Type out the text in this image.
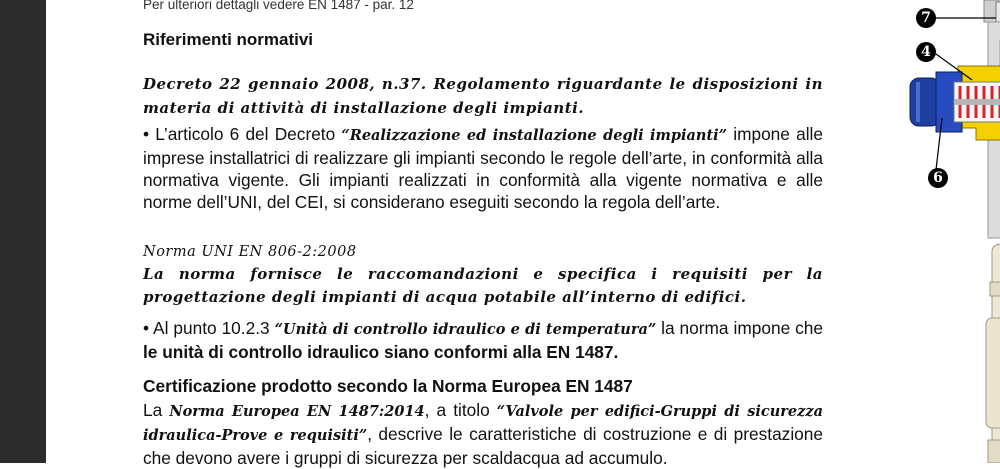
Per ulteriori dettagli vedere EN 1487 - par. 12
Riferimenti normativi
Decreto 22 gennaio 2008, n.37. Regolamento riguardante le disposizioni in materia di attività di installazione degli impianti.
• L’articolo 6 del Decreto “Realizzazione ed installazione degli impianti” impone alle imprese installatrici di realizzare gli impianti secondo le regole dell’arte, in conformità alla normativa vigente. Gli impianti realizzati in conformità alla vigente normativa e alle norme dell’UNI, del CEI, si considerano eseguiti secondo la regola dell’arte.
Norma UNI EN 806-2:2008
La norma fornisce le raccomandazioni e specifica i requisiti per la progettazione degli impianti di acqua potabile all’interno di edifici.
• Al punto 10.2.3 “Unità di controllo idraulico e di temperatura” la norma impone che le unità di controllo idraulico siano conformi alla EN 1487.
Certificazione prodotto secondo la Norma Europea EN 1487
La Norma Europea EN 1487:2014, a titolo “Valvole per edifici-Gruppi di sicurezza idraulica-Prove e requisiti”, descrive le caratteristiche di costruzione e di prestazione che devono avere i gruppi di sicurezza per scaldacqua ad accumulo.
7
4
6
